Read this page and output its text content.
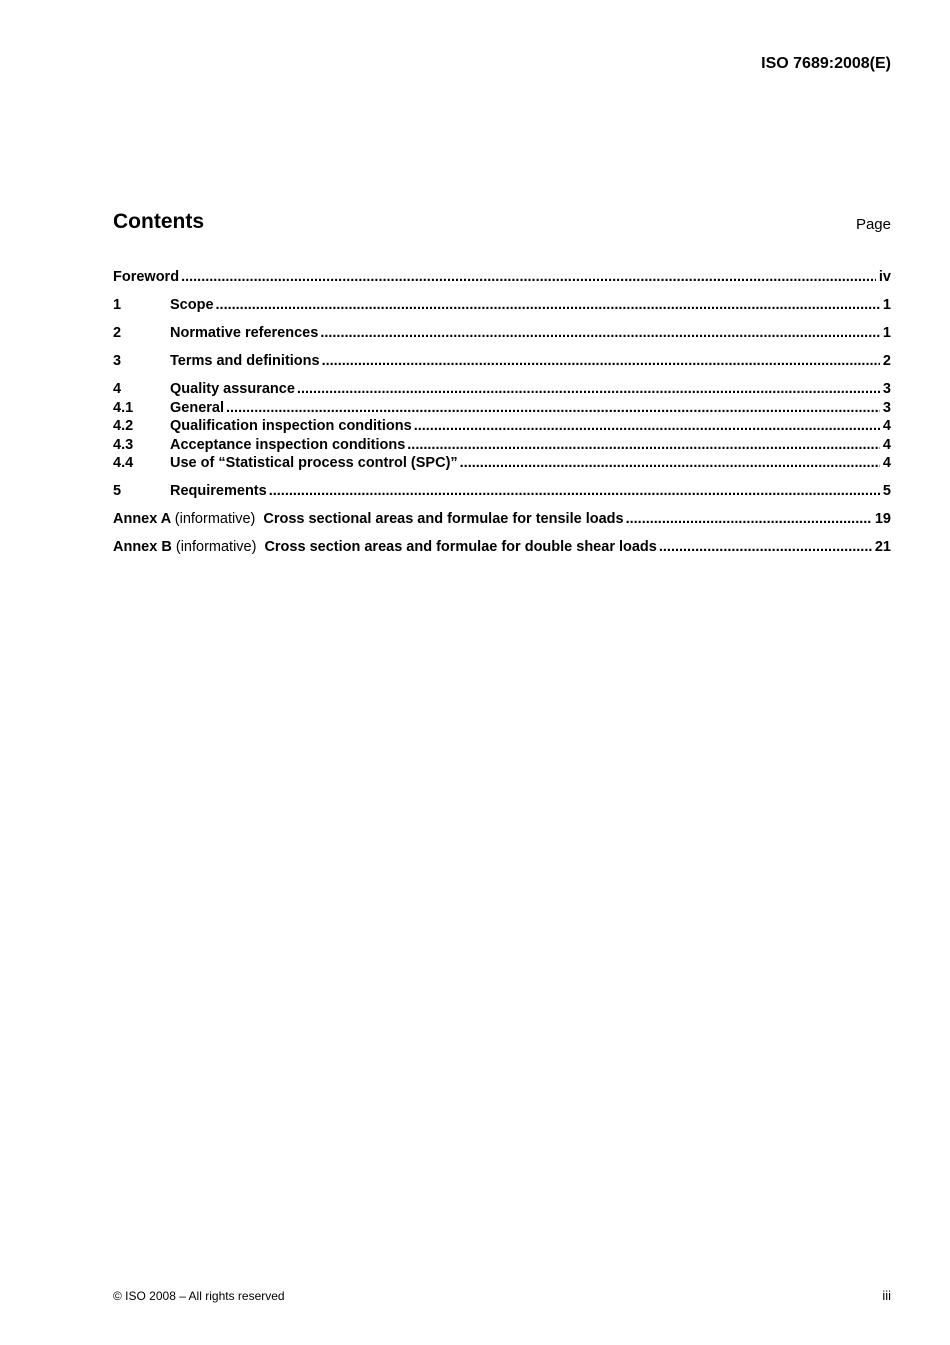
ISO 7689:2008(E)
Contents	Page
Foreword .....	iv
1	Scope .....	1
2	Normative references .....	1
3	Terms and definitions .....	2
4	Quality assurance .....	3
4.1	General .....	3
4.2	Qualification inspection conditions .....	4
4.3	Acceptance inspection conditions .....	4
4.4	Use of “Statistical process control (SPC)” .....	4
5	Requirements .....	5
Annex A (informative) Cross sectional areas and formulae for tensile loads .....	19
Annex B (informative) Cross section areas and formulae for double shear loads .....	21
© ISO 2008 – All rights reserved	iii
